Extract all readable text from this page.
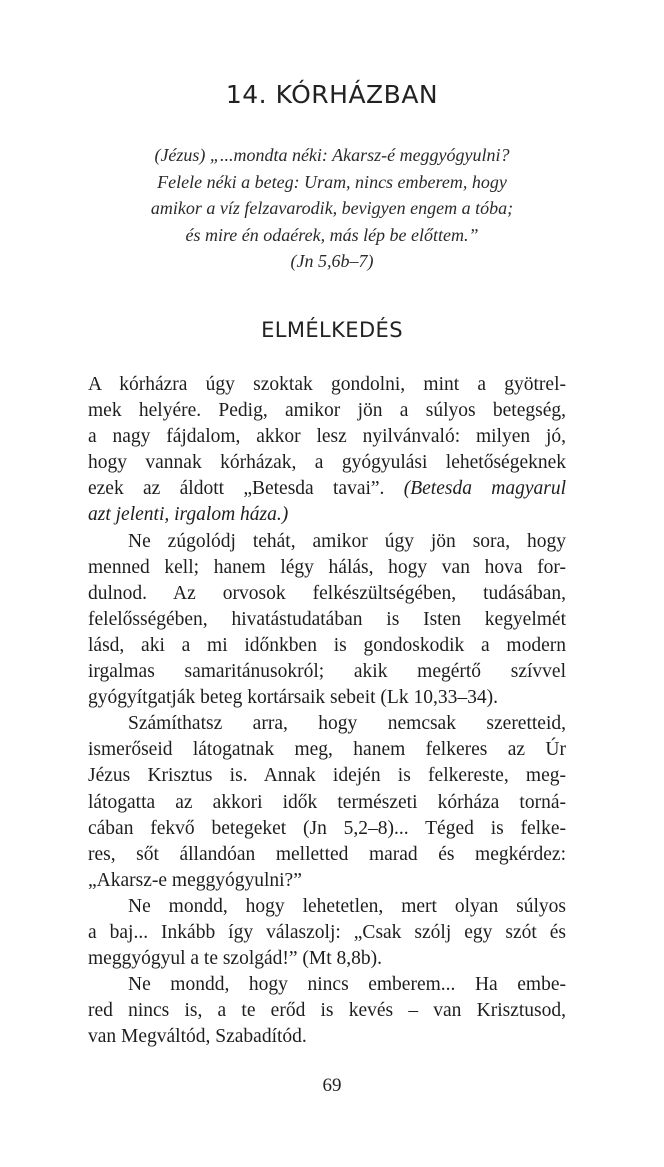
14. KÓRHÁZBAN
(Jézus) „...mondta néki: Akarsz-é meggyógyulni?
Felele néki a beteg: Uram, nincs emberem, hogy
amikor a víz felzavarodik, bevigyen engem a tóba;
és mire én odaérek, más lép be előttem.”
(Jn 5,6b–7)
ELMÉLKEDÉS
A kórházra úgy szoktak gondolni, mint a gyötrel-
mek helyére. Pedig, amikor jön a súlyos betegség,
a nagy fájdalom, akkor lesz nyilvánvaló: milyen jó,
hogy vannak kórházak, a gyógyulási lehetőségeknek
ezek az áldott „Betesda tavai”. (Betesda magyarul
azt jelenti, irgalom háza.)
Ne zúgolódj tehát, amikor úgy jön sora, hogy
menned kell; hanem légy hálás, hogy van hova for-
dulnod. Az orvosok felkészültségében, tudásában,
felelősségében, hivatástudatában is Isten kegyelmét
lásd, aki a mi időnkben is gondoskodik a modern
irgalmas samaritánusokról; akik megértő szívvel
gyógyítgatják beteg kortársaik sebeit (Lk 10,33–34).
Számíthatsz arra, hogy nemcsak szeretteid,
ismerőseid látogatnak meg, hanem felkeres az Úr
Jézus Krisztus is. Annak idején is felkereste, meg-
látogatta az akkori idők természeti kórháza torná-
cában fekvő betegeket (Jn 5,2–8)... Téged is felke-
res, sőt állandóan melletted marad és megkérdez:
„Akarsz-e meggyógyulni?”
Ne mondd, hogy lehetetlen, mert olyan súlyos
a baj... Inkább így válaszolj: „Csak szólj egy szót és
meggyógyul a te szolgád!” (Mt 8,8b).
Ne mondd, hogy nincs emberem... Ha embe-
red nincs is, a te erőd is kevés – van Krisztusod,
van Megváltód, Szabadítód.
69
